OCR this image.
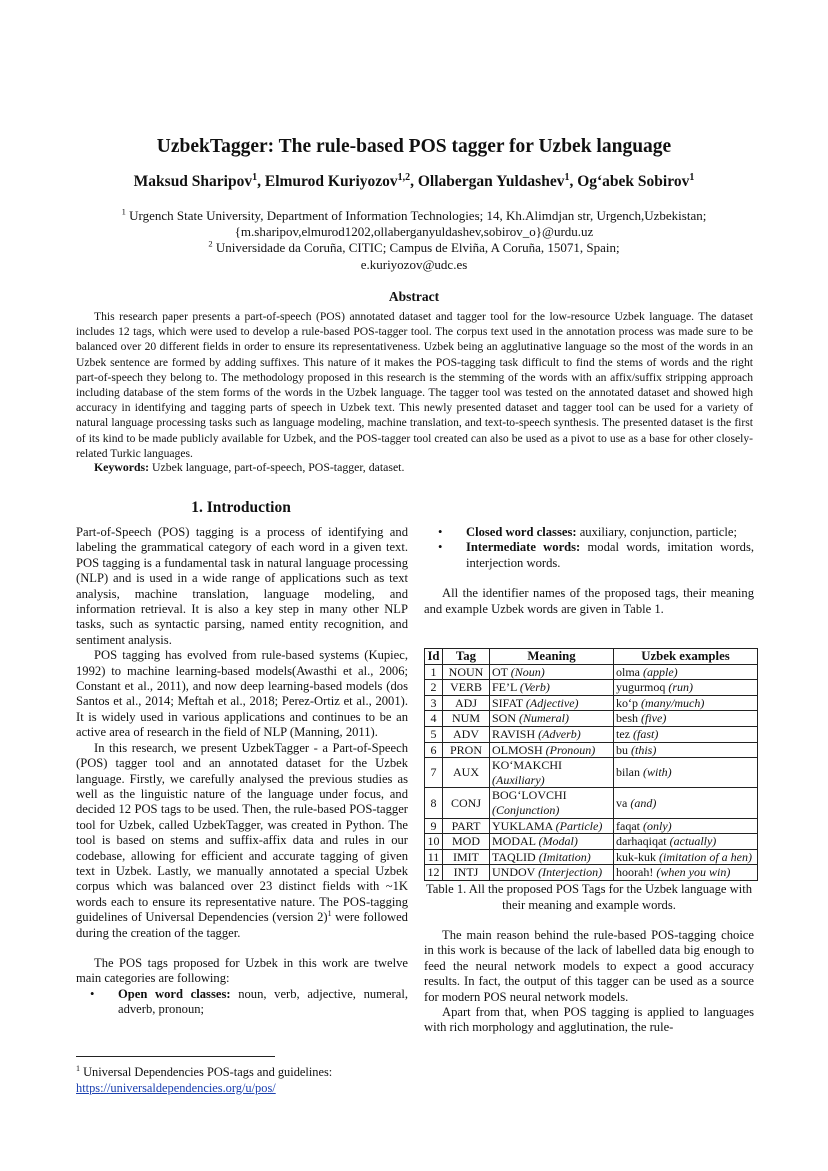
UzbekTagger: The rule-based POS tagger for Uzbek language
Maksud Sharipov$^1$, Elmurod Kuriyozov$^{1,2}$, Ollabergan Yuldashev$^1$, Og‘abek Sobirov$^1$
$^1$ Urgench State University, Department of Information Technologies; 14, Kh.Alimdjan str, Urgench,Uzbekistan;
{m.sharipov,elmurod1202,ollaberganyuldashev,sobirov_o}@urdu.uz
$^2$ Universidade da Coruña, CITIC; Campus de Elviña, A Coruña, 15071, Spain;
e.kuriyozov@udc.es
Abstract
This research paper presents a part-of-speech (POS) annotated dataset and tagger tool for the low-resource Uzbek language. The dataset includes 12 tags, which were used to develop a rule-based POS-tagger tool. The corpus text used in the annotation process was made sure to be balanced over 20 different fields in order to ensure its representativeness. Uzbek being an agglutinative language so the most of the words in an Uzbek sentence are formed by adding suffixes. This nature of it makes the POS-tagging task difficult to find the stems of words and the right part-of-speech they belong to. The methodology proposed in this research is the stemming of the words with an affix/suffix stripping approach including database of the stem forms of the words in the Uzbek language. The tagger tool was tested on the annotated dataset and showed high accuracy in identifying and tagging parts of speech in Uzbek text. This newly presented dataset and tagger tool can be used for a variety of natural language processing tasks such as language modeling, machine translation, and text-to-speech synthesis. The presented dataset is the first of its kind to be made publicly available for Uzbek, and the POS-tagger tool created can also be used as a pivot to use as a base for other closely-related Turkic languages.
Keywords: Uzbek language, part-of-speech, POS-tagger, dataset.
1. Introduction

Part-of-Speech (POS) tagging is a process of identifying and labeling the grammatical category of each word in a given text. POS tagging is a fundamental task in natural language processing (NLP) and is used in a wide range of applications such as text analysis, machine translation, language modeling, and information retrieval. It is also a key step in many other NLP tasks, such as syntactic parsing, named entity recognition, and sentiment analysis.

POS tagging has evolved from rule-based systems (Kupiec, 1992) to machine learning-based models(Awasthi et al., 2006; Constant et al., 2011), and now deep learning-based models (dos Santos et al., 2014; Meftah et al., 2018; Perez-Ortiz et al., 2001). It is widely used in various applications and continues to be an active area of research in the field of NLP (Manning, 2011).

In this research, we present UzbekTagger - a Part-of-Speech (POS) tagger tool and an annotated dataset for the Uzbek language. Firstly, we carefully analysed the previous studies as well as the linguistic nature of the language under focus, and decided 12 POS tags to be used. Then, the rule-based POS-tagger tool for Uzbek, called UzbekTagger, was created in Python. The tool is based on stems and suffix-affix data and rules in our codebase, allowing for efficient and accurate tagging of given text in Uzbek. Lastly, we manually annotated a special Uzbek corpus which was balanced over 23 distinct fields with ~1K words each to ensure its representative nature. The POS-tagging guidelines of Universal Dependencies (version 2)$^1$ were followed during the creation of the tagger.

The POS tags proposed for Uzbek in this work are twelve main categories are following:

• Open word classes: noun, verb, adjective, numeral, adverb, pronoun;
• Closed word classes: auxiliary, conjunction, particle;
• Intermediate words: modal words, imitation words, interjection words.

All the identifier names of the proposed tags, their meaning and example Uzbek words are given in Table 1.

Id	Tag	Meaning	Uzbek examples
1	NOUN	OT (Noun)	olma (apple)
2	VERB	FE’L (Verb)	yugurmoq (run)
3	ADJ	SIFAT (Adjective)	ko‘p (many/much)
4	NUM	SON (Numeral)	besh (five)
5	ADV	RAVISH (Adverb)	tez (fast)
6	PRON	OLMOSH (Pronoun)	bu (this)
7	AUX	KO‘MAKCHI (Auxiliary)	bilan (with)
8	CONJ	BOG‘LOVCHI (Conjunction)	va (and)
9	PART	YUKLAMA (Particle)	faqat (only)
10	MOD	MODAL (Modal)	darhaqiqat (actually)
11	IMIT	TAQLID (Imitation)	kuk-kuk (imitation of a hen)
12	INTJ	UNDOV (Interjection)	hoorah! (when you win)
Table 1. All the proposed POS Tags for the Uzbek language with their meaning and example words.

The main reason behind the rule-based POS-tagging choice in this work is because of the lack of labelled data big enough to feed the neural network models to expect a good accuracy results. In fact, the output of this tagger can be used as a source for modern POS neural network models.

Apart from that, when POS tagging is applied to languages with rich morphology and agglutination, the rule-

$^1$ Universal Dependencies POS-tags and guidelines:
https://universaldependencies.org/u/pos/
